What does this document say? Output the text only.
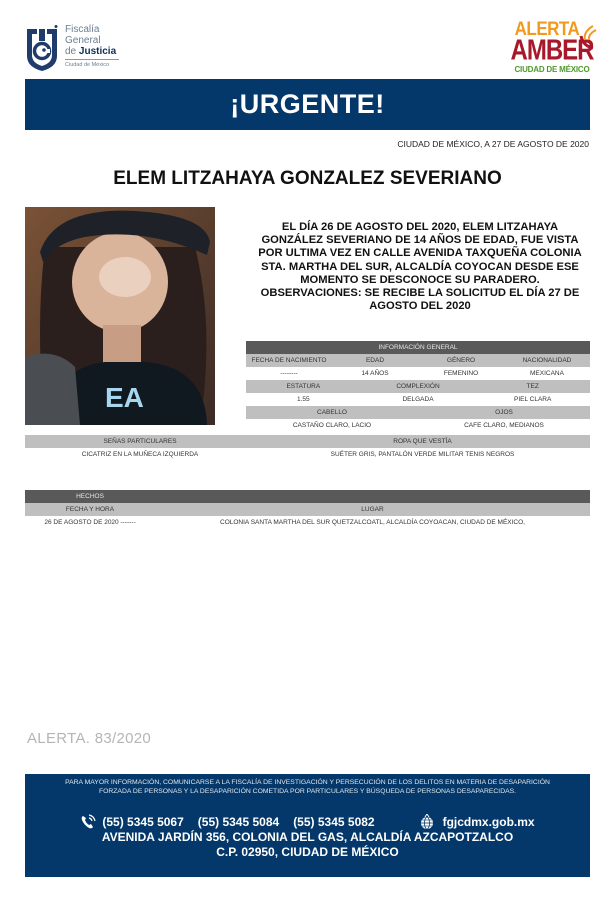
Fiscalía
General
de Justicia
Ciudad de México
ALERTA
AMBER
CIUDAD DE MÉXICO
¡URGENTE!
CIUDAD DE MÉXICO, A 27 DE AGOSTO DE 2020
ELEM LITZAHAYA GONZALEZ SEVERIANO
EA
EL DÍA 26 DE AGOSTO DEL 2020, ELEM LITZAHAYA GONZÁLEZ SEVERIANO DE 14 AÑOS DE EDAD, FUE VISTA POR ULTIMA VEZ EN CALLE AVENIDA TAXQUEÑA COLONIA STA. MARTHA DEL SUR, ALCALDÍA COYOCAN DESDE ESE MOMENTO SE DESCONOCE SU PARADERO. OBSERVACIONES: SE RECIBE LA SOLICITUD EL DÍA 27 DE AGOSTO DEL 2020
INFORMACIÓN GENERAL
FECHA DE NACIMIENTO	EDAD	GÉNERO	NACIONALIDAD
--------	14 AÑOS	FEMENINO	MEXICANA
ESTATURA	COMPLEXIÓN	TEZ
1.55	DELGADA	PIEL CLARA
CABELLO	OJOS
CASTAÑO CLARO, LACIO	CAFE CLARO, MEDIANOS
SEÑAS PARTICULARES	ROPA QUE VESTÍA
CICATRIZ EN LA MUÑECA IZQUIERDA	SUÉTER GRIS, PANTALÓN VERDE MILITAR TENIS NEGROS
HECHOS
FECHA Y HORA	LUGAR
26 DE AGOSTO DE 2020 -------	COLONIA SANTA MARTHA DEL SUR QUETZALCOATL, ALCALDÍA COYOACAN, CIUDAD DE MÉXICO,
ALERTA. 83/2020
PARA MAYOR INFORMACIÓN, COMUNICARSE A LA FISCALÍA DE INVESTIGACIÓN Y PERSECUCIÓN DE LOS DELITOS EN MATERIA DE DESAPARICIÓN
FORZADA DE PERSONAS Y LA DESAPARICIÓN COMETIDA POR PARTICULARES Y BÚSQUEDA DE PERSONAS DESAPARECIDAS.
(55) 5345 5067 (55) 5345 5084 (55) 5345 5082	fgjcdmx.gob.mx
AVENIDA JARDÍN 356, COLONIA DEL GAS, ALCALDÍA AZCAPOTZALCO
C.P. 02950, CIUDAD DE MÉXICO
